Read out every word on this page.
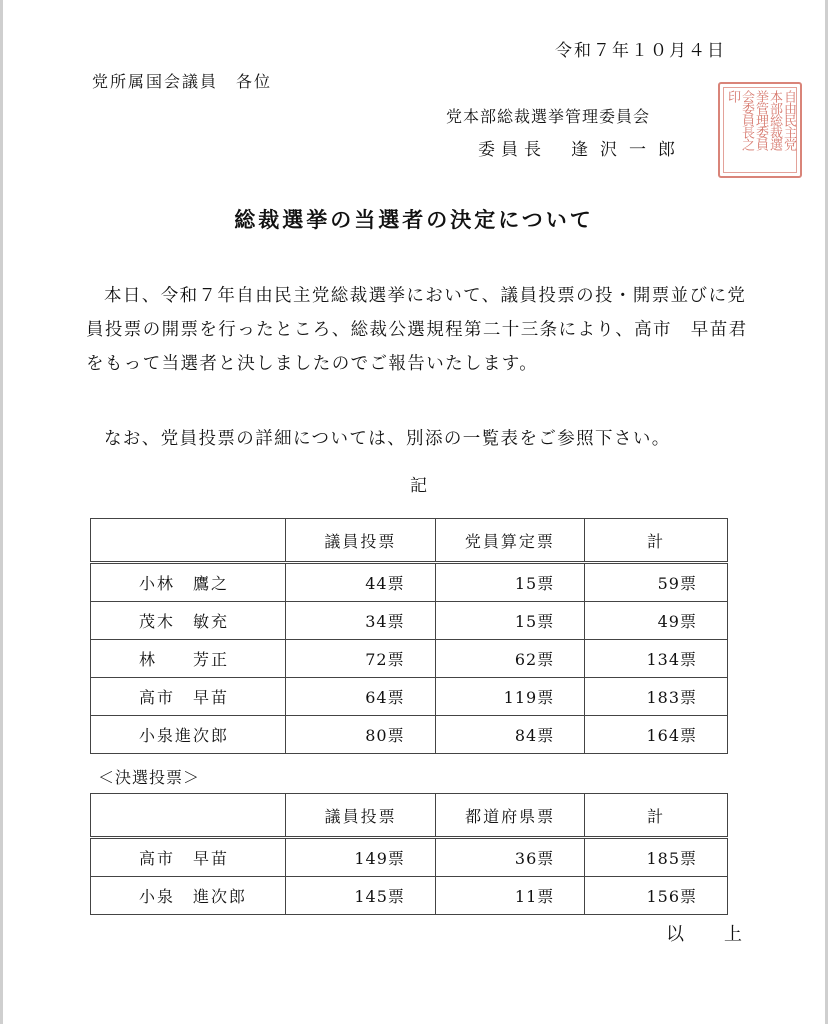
令和７年１０月４日
党所属国会議員　各位
党本部総裁選挙管理委員会
委員長 逢沢一郎	自由民主党
本部総裁選
挙管理委員
会委員長之
印
総裁選挙の当選者の決定について
本日、令和７年自由民主党総裁選挙において、議員投票の投・開票並びに党員投票の開票を行ったところ、総裁公選規程第二十三条により、高市　早苗君をもって当選者と決しましたのでご報告いたします。
なお、党員投票の詳細については、別添の一覧表をご参照下さい。
記
	議員投票	党員算定票	計
小林　鷹之	44票	15票	59票
茂木　敏充	34票	15票	49票
林　　芳正	72票	62票	134票
高市　早苗	64票	119票	183票
小泉進次郎	80票	84票	164票
＜決選投票＞
	議員投票	都道府県票	計
高市　早苗	149票	36票	185票
小泉　進次郎	145票	11票	156票
以上
